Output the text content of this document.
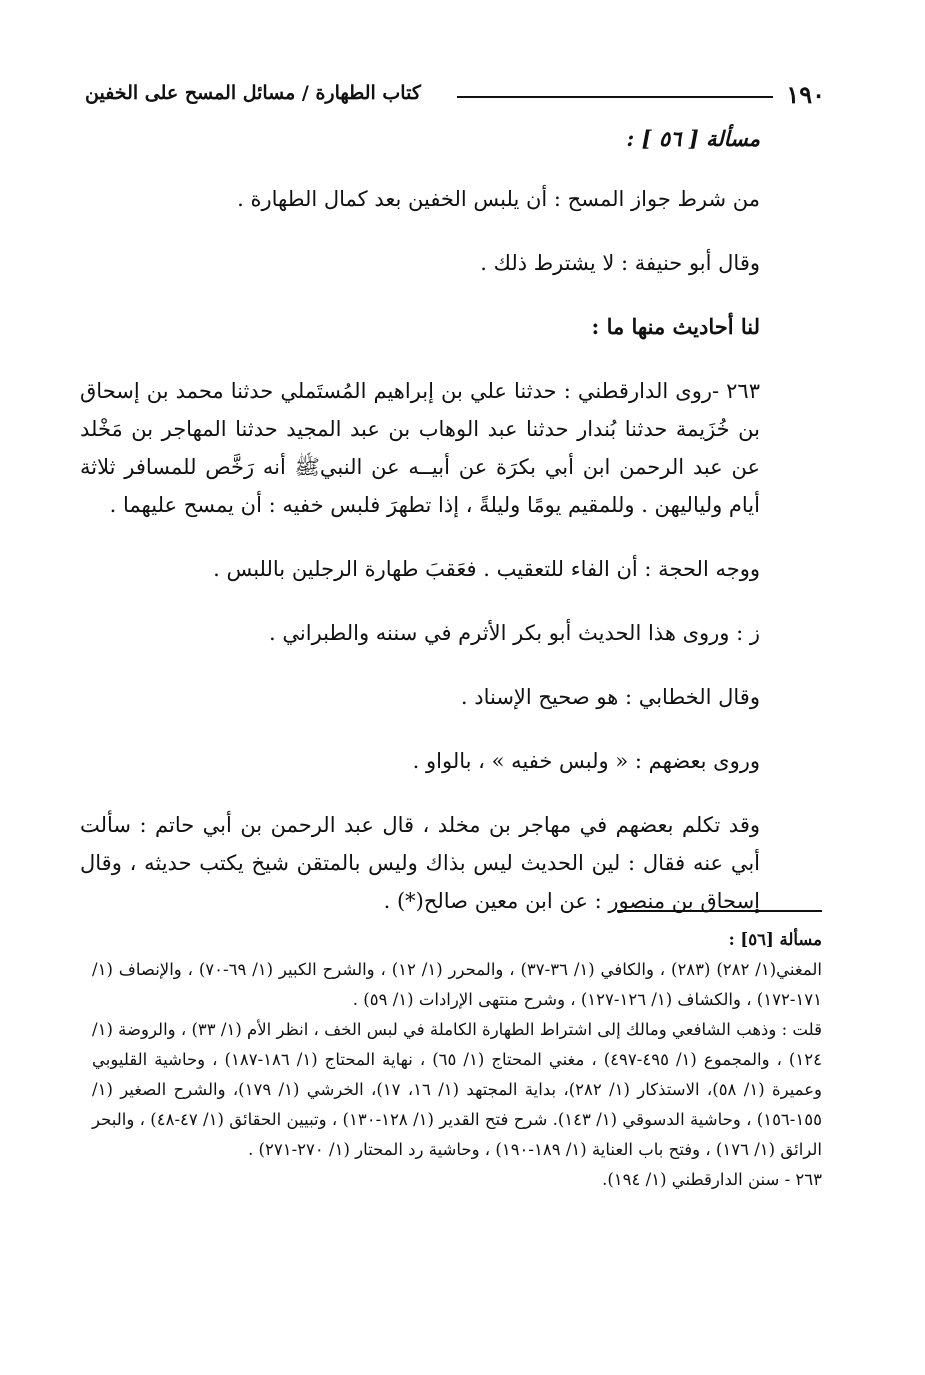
١٩٠
كتاب الطهارة / مسائل المسح على الخفين

مسألة [ ٥٦ ] :

من شرط جواز المسح : أن يلبس الخفين بعد كمال الطهارة .

وقال أبو حنيفة : لا يشترط ذلك .

لنا أحاديث منها ما :

٢٦٣ -روى الدارقطني : حدثنا علي بن إبراهيم المُستَملي حدثنا محمد بن إسحاق بن خُزَيمة حدثنا بُندار حدثنا عبد الوهاب بن عبد المجيد حدثنا المهاجر بن مَخْلد عن عبد الرحمن ابن أبي بكرَة عن أبيــه عن النبيﷺ أنه رَخَّص للمسافر ثلاثة أيام ولياليهن . وللمقيم يومًا وليلةً ، إذا تطهرَ فلبس خفيه : أن يمسح عليهما .

ووجه الحجة : أن الفاء للتعقيب . فعَقبَ طهارة الرجلين باللبس .

ز : وروى هذا الحديث أبو بكر الأثرم في سننه والطبراني .

وقال الخطابي : هو صحيح الإسناد .

وروى بعضهم : « ولبس خفيه » ، بالواو .

وقد تكلم بعضهم في مهاجر بن مخلد ، قال عبد الرحمن بن أبي حاتم : سألت أبي عنه فقال : لين الحديث ليس بذاك وليس بالمتقن شيخ يكتب حديثه ، وقال إسحاق بن منصور : عن ابن معين صالح(*) .

مسألة [٥٦] :

المغني(١/ ٢٨٢) (٢٨٣) ، والكافي (١/ ٣٦-٣٧) ، والمحرر (١/ ١٢) ، والشرح الكبير (١/ ٦٩-٧٠) ، والإنصاف (١/ ١٧١-١٧٢) ، والكشاف (١/ ١٢٦-١٢٧) ، وشرح منتهى الإرادات (١/ ٥٩) .

قلت : وذهب الشافعي ومالك إلى اشتراط الطهارة الكاملة في لبس الخف ، انظر الأم (١/ ٣٣) ، والروضة (١/ ١٢٤) ، والمجموع (١/ ٤٩٥-٤٩٧) ، مغني المحتاج (١/ ٦٥) ، نهاية المحتاج (١/ ١٨٦-١٨٧) ، وحاشية القليوبي وعميرة (١/ ٥٨)، الاستذكار (١/ ٢٨٢)، بداية المجتهد (١/ ١٦، ١٧)، الخرشي (١/ ١٧٩)، والشرح الصغير (١/ ١٥٥-١٥٦) ، وحاشية الدسوقي (١/ ١٤٣). شرح فتح القدير (١/ ١٢٨-١٣٠) ، وتبيين الحقائق (١/ ٤٧-٤٨) ، والبحر الرائق (١/ ١٧٦) ، وفتح باب العناية (١/ ١٨٩-١٩٠) ، وحاشية رد المحتار (١/ ٢٧٠-٢٧١) .

٢٦٣ - سنن الدارقطني (١/ ١٩٤).
